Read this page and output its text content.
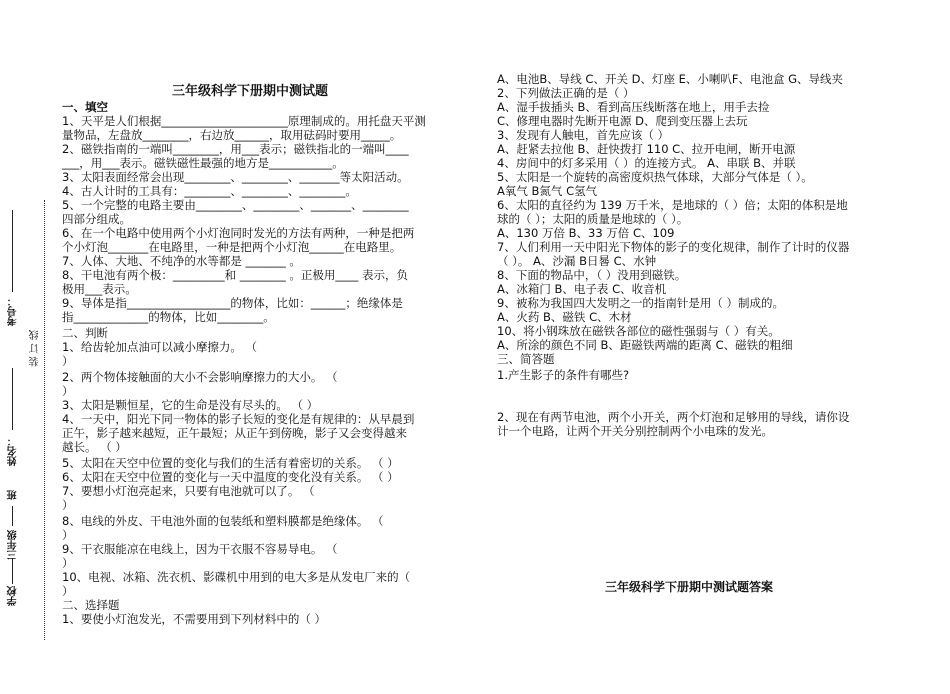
考号：
装 订 线
姓名：
班
三年级
学校
三年级科学下册期中测试题
一、填空
1、天平是人们根据______________________原理制成的。用托盘天平测
量物品，左盘放________，右边放______，取用砝码时要用_____。
2、磁铁指南的一端叫________，用___表示；磁铁指北的一端叫____
___，用___表示。磁铁磁性最强的地方是___________。
3、太阳表面经常会出现________、________、_______等太阳活动。
4、古人计时的工具有：________、________、________。
5、一个完整的电路主要由________、________、_______、________
四部分组成。
6、在一个电路中使用两个小灯泡同时发光的方法有两种，一种是把两
个小灯泡_______在电路里，一种是把两个小灯泡______在电路里。
7、人体、大地、不纯净的水等都是 _______ 。
8、干电池有两个极：_________和 ________ 。正极用____ 表示，负
极用___表示。
9、导体是指__________________的物体，比如：______；绝缘体是
指_____________的物体，比如________。
二、判断
1、给齿轮加点油可以减小摩擦力。 （
）
2、两个物体接触面的大小不会影响摩擦力的大小。 （
）
3、太阳是颗恒星，它的生命是没有尽头的。 （ ）
4、一天中，阳光下同一物体的影子长短的变化是有规律的：从早晨到
正午，影子越来越短，正午最短；从正午到傍晚，影子又会变得越来
越长。 （ ）
5、太阳在天空中位置的变化与我们的生活有着密切的关系。 （ ）
6、太阳在天空中位置的变化与一天中温度的变化没有关系。 （ ）
7、要想小灯泡亮起来，只要有电池就可以了。 （
）
8、电线的外皮、干电池外面的包装纸和塑料膜都是绝缘体。 （
）
9、干衣服能凉在电线上，因为干衣服不容易导电。 （
）
10、电视、冰箱、洗衣机、影碟机中用到的电大多是从发电厂来的（
）
二、选择题
1、要使小灯泡发光，不需要用到下列材料中的（ ）
A、电池B、导线 C、开关 D、灯座 E、小喇叭F、电池盒 G、导线夹
2、下列做法正确的是（ ）
A、湿手拔插头 B、看到高压线断落在地上，用手去捡
C、修理电器时先断开电源 D、爬到变压器上去玩
3、发现有人触电，首先应该（ ）
A、赶紧去拉他 B、赶快拨打 110 C、拉开电闸，断开电源
4、房间中的灯多采用（ ）的连接方式。 A、串联 B、并联
5、太阳是一个旋转的高密度炽热气体球，大部分气体是（ ）。
A氧气 B氮气 C氢气
6、太阳的直径约为 139 万千米，是地球的（ ）倍；太阳的体积是地
球的（ ）；太阳的质量是地球的（ ）。
A、130 万倍 B、33 万倍 C、109
7、人们利用一天中阳光下物体的影子的变化规律，制作了计时的仪器
（ ）。 A、沙漏 B日晷 C、水钟
8、下面的物品中，（ ）没用到磁铁。
A、冰箱门 B、电子表 C、收音机
9、被称为我国四大发明之一的指南针是用（ ）制成的。
A、火药 B、磁铁 C、木材
10、将小钢珠放在磁铁各部位的磁性强弱与（ ）有关。
A、所涂的颜色不同 B、距磁铁两端的距离 C、磁铁的粗细
三、简答题
1.产生影子的条件有哪些?
2、现在有两节电池，两个小开关，两个灯泡和足够用的导线，请你设
计一个电路，让两个开关分别控制两个小电珠的发光。
三年级科学下册期中测试题答案
